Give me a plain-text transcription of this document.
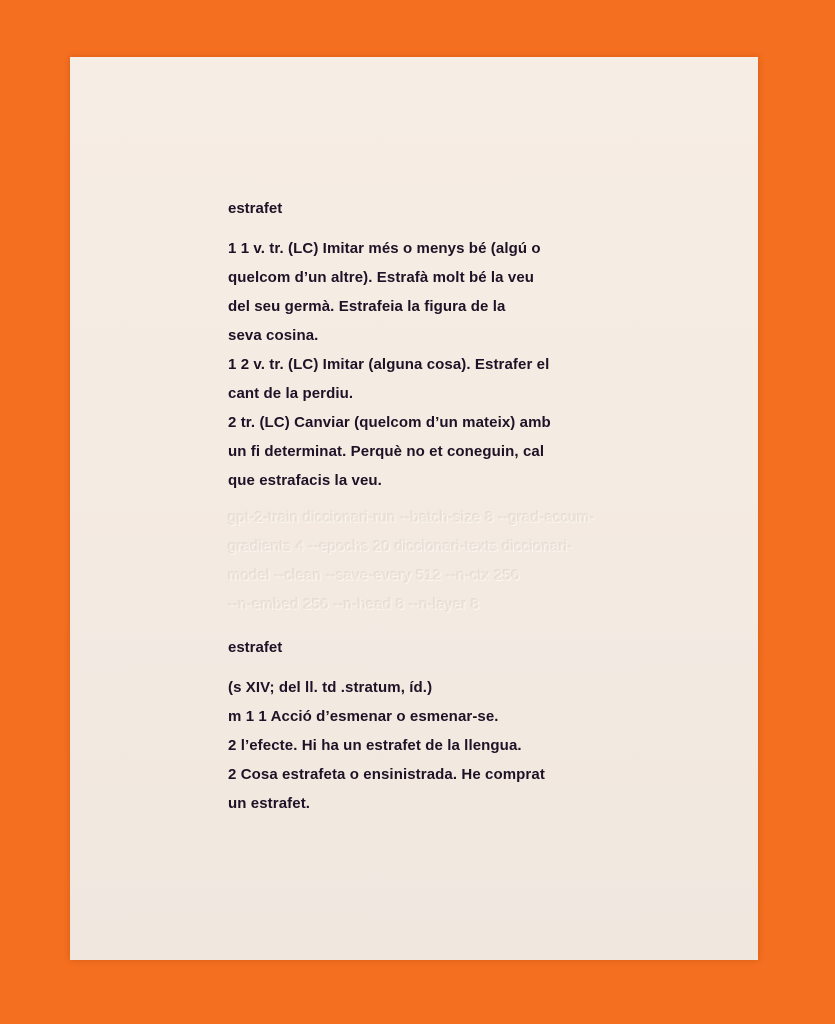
estrafet
1 1 v. tr. (LC) Imitar més o menys bé (algú o
quelcom d’un altre). Estrafà molt bé la veu
del seu germà. Estrafeia la figura de la
seva cosina.
1 2 v. tr. (LC) Imitar (alguna cosa). Estrafer el
cant de la perdiu.
2 tr. (LC) Canviar (quelcom d’un mateix) amb
un fi determinat. Perquè no et coneguin, cal
que estrafacis la veu.
gpt-2-train diccionari-run --batch-size 8 --grad-accum-
gradients 4 --epochs 20 diccionari-texts diccionari-
model --clean --save-every 512 --n-ctx 256
--n-embed 256 --n-head 8 --n-layer 8
estrafet
(s XIV; del ll. td .stratum, íd.)
m 1 1 Acció d’esmenar o esmenar-se.
2 l’efecte. Hi ha un estrafet de la llengua.
2 Cosa estrafeta o ensinistrada. He comprat
un estrafet.
